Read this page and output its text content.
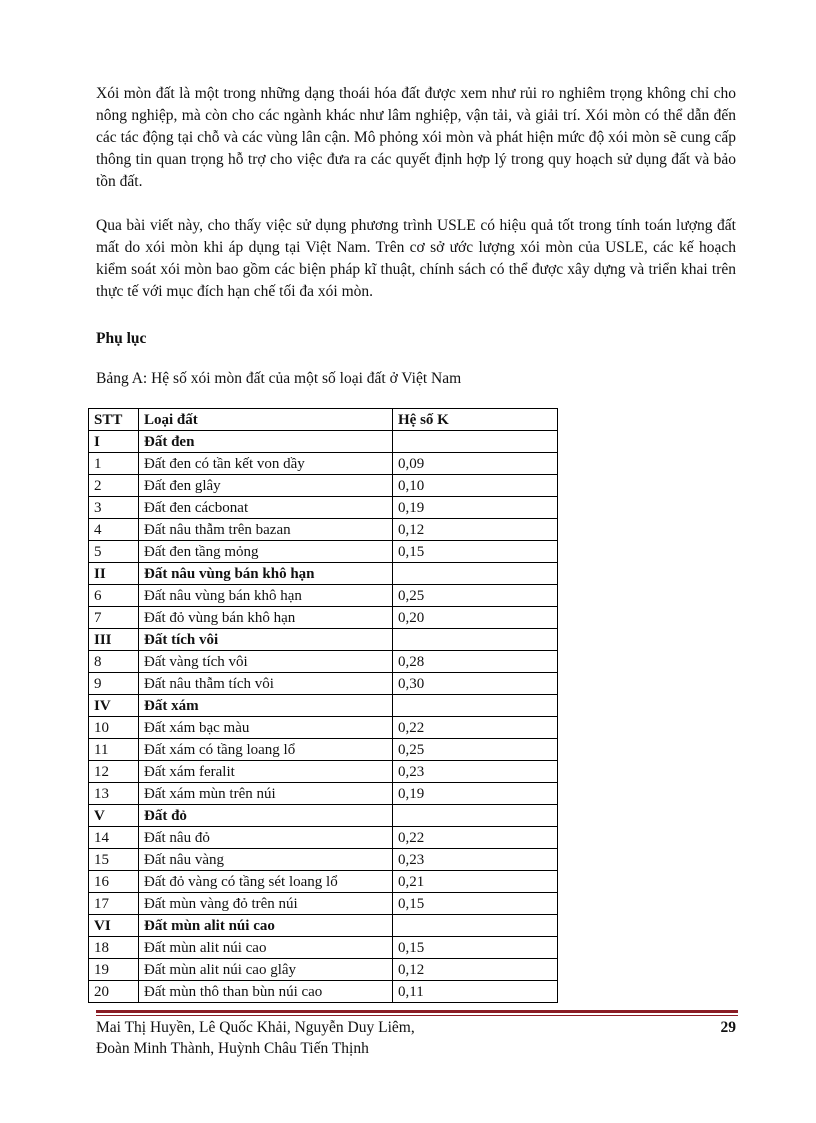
Xói mòn đất là một trong những dạng thoái hóa đất được xem như rủi ro nghiêm trọng không chỉ cho nông nghiệp, mà còn cho các ngành khác như lâm nghiệp, vận tải, và giải trí. Xói mòn có thể dẫn đến các tác động tại chỗ và các vùng lân cận. Mô phỏng xói mòn và phát hiện mức độ xói mòn sẽ cung cấp thông tin quan trọng hỗ trợ cho việc đưa ra các quyết định hợp lý trong quy hoạch sử dụng đất và bảo tồn đất.

Qua bài viết này, cho thấy việc sử dụng phương trình USLE có hiệu quả tốt trong tính toán lượng đất mất do xói mòn khi áp dụng tại Việt Nam. Trên cơ sở ước lượng xói mòn của USLE, các kế hoạch kiểm soát xói mòn bao gồm các biện pháp kĩ thuật, chính sách có thể được xây dựng và triển khai trên thực tế với mục đích hạn chế tối đa xói mòn.

Phụ lục

Bảng A: Hệ số xói mòn đất của một số loại đất ở Việt Nam

STT	Loại đất	Hệ số K
I	Đất đen	
1	Đất đen có tần kết von dầy	0,09
2	Đất đen glây	0,10
3	Đất đen cácbonat	0,19
4	Đất nâu thẫm trên bazan	0,12
5	Đất đen tầng mỏng	0,15
II	Đất nâu vùng bán khô hạn	
6	Đất nâu vùng bán khô hạn	0,25
7	Đất đỏ vùng bán khô hạn	0,20
III	Đất tích vôi	
8	Đất vàng tích vôi	0,28
9	Đất nâu thẫm tích vôi	0,30
IV	Đất xám	
10	Đất xám bạc màu	0,22
11	Đất xám có tầng loang lổ	0,25
12	Đất xám feralit	0,23
13	Đất xám mùn trên núi	0,19
V	Đất đỏ	
14	Đất nâu đỏ	0,22
15	Đất nâu vàng	0,23
16	Đất đỏ vàng có tầng sét loang lổ	0,21
17	Đất mùn vàng đỏ trên núi	0,15
VI	Đất mùn alit núi cao	
18	Đất mùn alit núi cao	0,15
19	Đất mùn alit núi cao glây	0,12
20	Đất mùn thô than bùn núi cao	0,11

Mai Thị Huyền, Lê Quốc Khải, Nguyễn Duy Liêm,

Đoàn Minh Thành, Huỳnh Châu Tiến Thịnh

29
